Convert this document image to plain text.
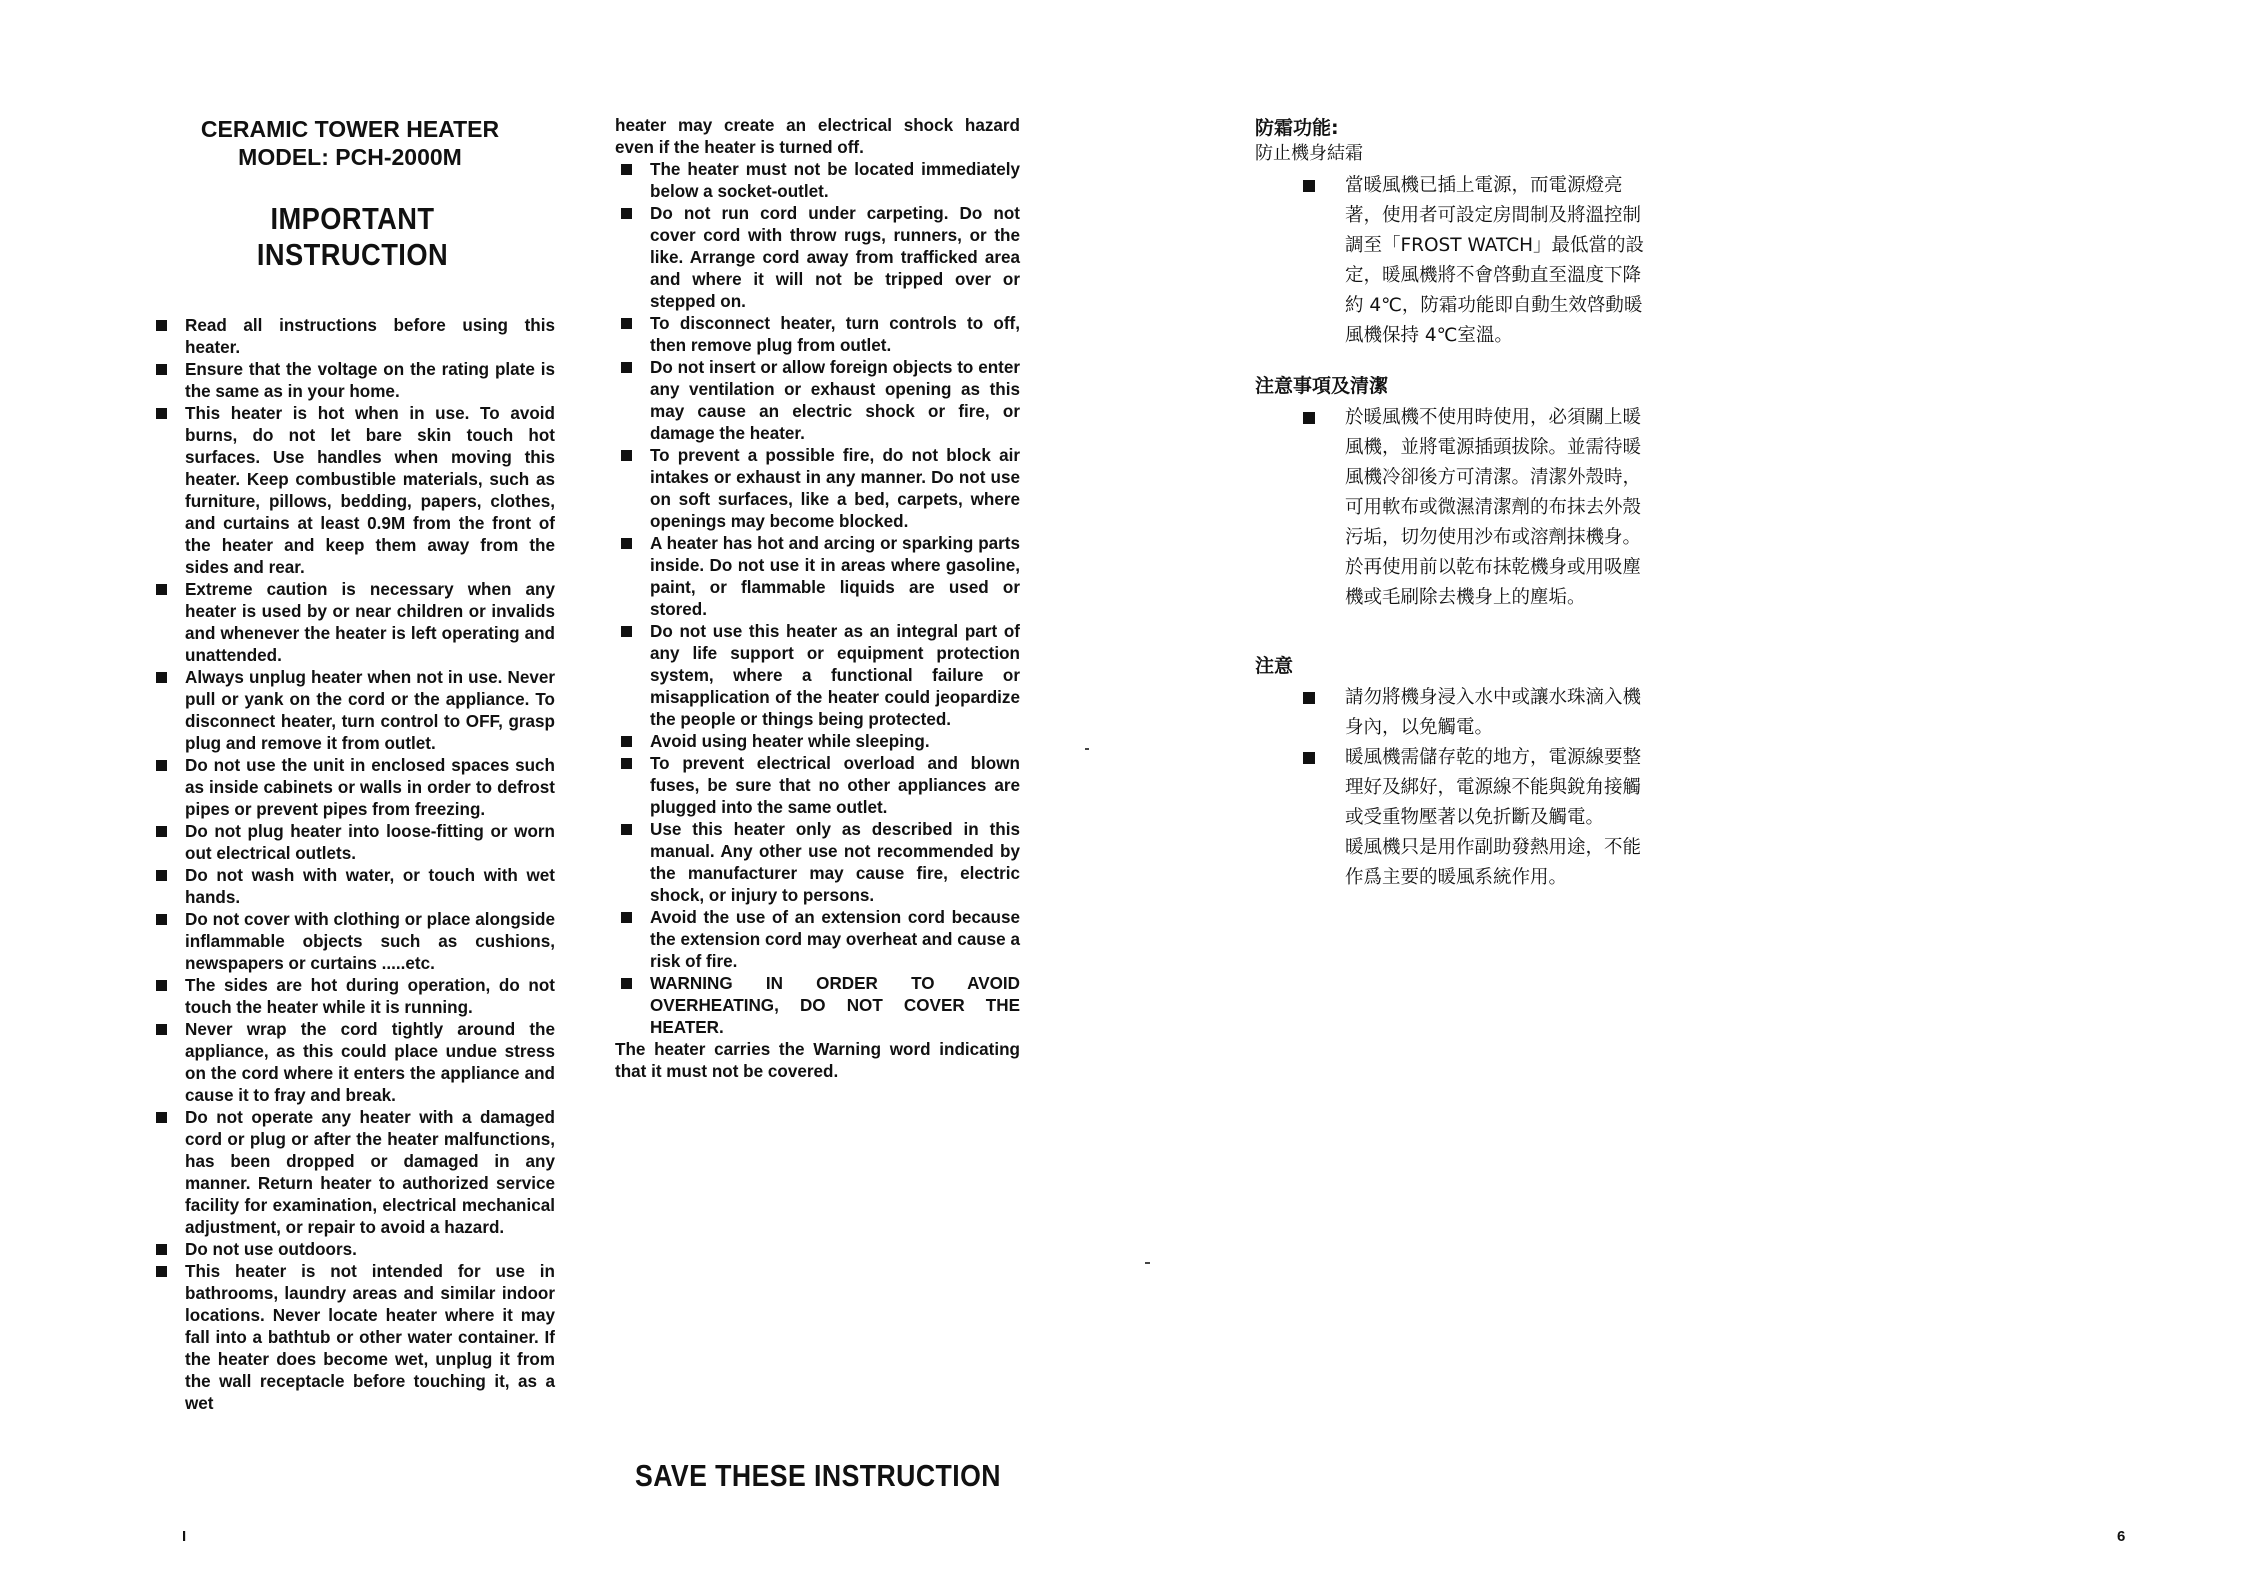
CERAMIC TOWER HEATER
MODEL: PCH-2000M
IMPORTANT INSTRUCTION
Read all instructions before using this heater.
Ensure that the voltage on the rating plate is the same as in your home.
This heater is hot when in use. To avoid burns, do not let bare skin touch hot surfaces. Use handles when moving this heater. Keep combustible materials, such as furniture, pillows, bedding, papers, clothes, and curtains at least 0.9M from the front of the heater and keep them away from the sides and rear.
Extreme caution is necessary when any heater is used by or near children or invalids and whenever the heater is left operating and unattended.
Always unplug heater when not in use. Never pull or yank on the cord or the appliance. To disconnect heater, turn control to OFF, grasp plug and remove it from outlet.
Do not use the unit in enclosed spaces such as inside cabinets or walls in order to defrost pipes or prevent pipes from freezing.
Do not plug heater into loose-fitting or worn out electrical outlets.
Do not wash with water, or touch with wet hands.
Do not cover with clothing or place alongside inflammable objects such as cushions, newspapers or curtains .....etc.
The sides are hot during operation, do not touch the heater while it is running.
Never wrap the cord tightly around the appliance, as this could place undue stress on the cord where it enters the appliance and cause it to fray and break.
Do not operate any heater with a damaged cord or plug or after the heater malfunctions, has been dropped or damaged in any manner. Return heater to authorized service facility for examination, electrical mechanical adjustment, or repair to avoid a hazard.
Do not use outdoors.
This heater is not intended for use in bathrooms, laundry areas and similar indoor locations. Never locate heater where it may fall into a bathtub or other water container. If the heater does become wet, unplug it from the wall receptacle before touching it, as a wet
heater may create an electrical shock hazard even if the heater is turned off.
The heater must not be located immediately below a socket-outlet.
Do not run cord under carpeting. Do not cover cord with throw rugs, runners, or the like. Arrange cord away from trafficked area and where it will not be tripped over or stepped on.
To disconnect heater, turn controls to off, then remove plug from outlet.
Do not insert or allow foreign objects to enter any ventilation or exhaust opening as this may cause an electric shock or fire, or damage the heater.
To prevent a possible fire, do not block air intakes or exhaust in any manner. Do not use on soft surfaces, like a bed, carpets, where openings may become blocked.
A heater has hot and arcing or sparking parts inside. Do not use it in areas where gasoline, paint, or flammable liquids are used or stored.
Do not use this heater as an integral part of any life support or equipment protection system, where a functional failure or misapplication of the heater could jeopardize the people or things being protected.
Avoid using heater while sleeping.
To prevent electrical overload and blown fuses, be sure that no other appliances are plugged into the same outlet.
Use this heater only as described in this manual. Any other use not recommended by the manufacturer may cause fire, electric shock, or injury to persons.
Avoid the use of an extension cord because the extension cord may overheat and cause a risk of fire.
WARNING IN ORDER TO AVOID OVERHEATING, DO NOT COVER THE HEATER.
The heater carries the Warning word indicating that it must not be covered.
SAVE THESE INSTRUCTION
防霜功能:
防止機身結霜
當暖風機已插上電源，而電源燈亮著，使用者可設定房間制及將溫控制調至「FROST WATCH」最低當的設定，暖風機將不會啓動直至溫度下降約 4℃，防霜功能即自動生效啓動暖風機保持 4℃室溫。
注意事項及清潔
於暖風機不使用時使用，必須關上暖風機，並將電源插頭拔除。並需待暖風機冷卻後方可清潔。清潔外殼時，可用軟布或微濕清潔劑的布抹去外殼污垢，切勿使用沙布或溶劑抹機身。於再使用前以乾布抹乾機身或用吸塵機或毛刷除去機身上的塵垢。
注意
請勿將機身浸入水中或讓水珠滴入機身內，以免觸電。
暖風機需儲存乾的地方，電源線要整理好及綁好，電源線不能與銳角接觸或受重物壓著以免折斷及觸電。
暖風機只是用作副助發熱用途，不能作爲主要的暖風系統作用。
I	6
